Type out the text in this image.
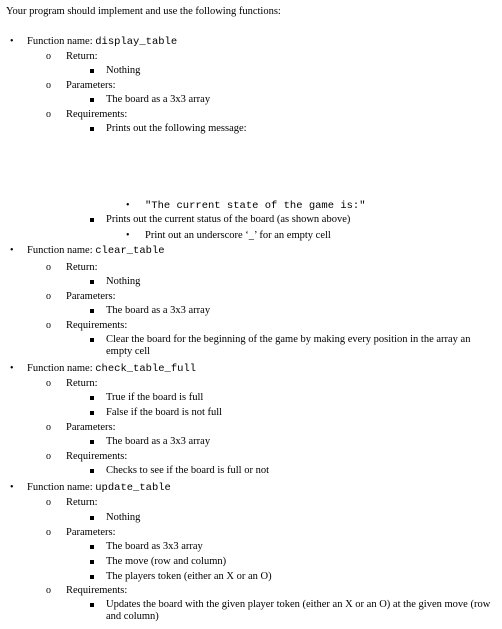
Your program should implement and use the following functions:
• Function name: display_table
o Return:
Nothing
o Parameters:
The board as a 3x3 array
o Requirements:
Prints out the following message:
• "The current state of the game is:"
Prints out the current status of the board (as shown above)
• Print out an underscore ‘_’ for an empty cell
• Function name: clear_table
o Return:
Nothing
o Parameters:
The board as a 3x3 array
o Requirements:
Clear the board for the beginning of the game by making every position in the array an empty cell
• Function name: check_table_full
o Return:
True if the board is full
False if the board is not full
o Parameters:
The board as a 3x3 array
o Requirements:
Checks to see if the board is full or not
• Function name: update_table
o Return:
Nothing
o Parameters:
The board as 3x3 array
The move (row and column)
The players token (either an X or an O)
o Requirements:
Updates the board with the given player token (either an X or an O) at the given move (row and column)
